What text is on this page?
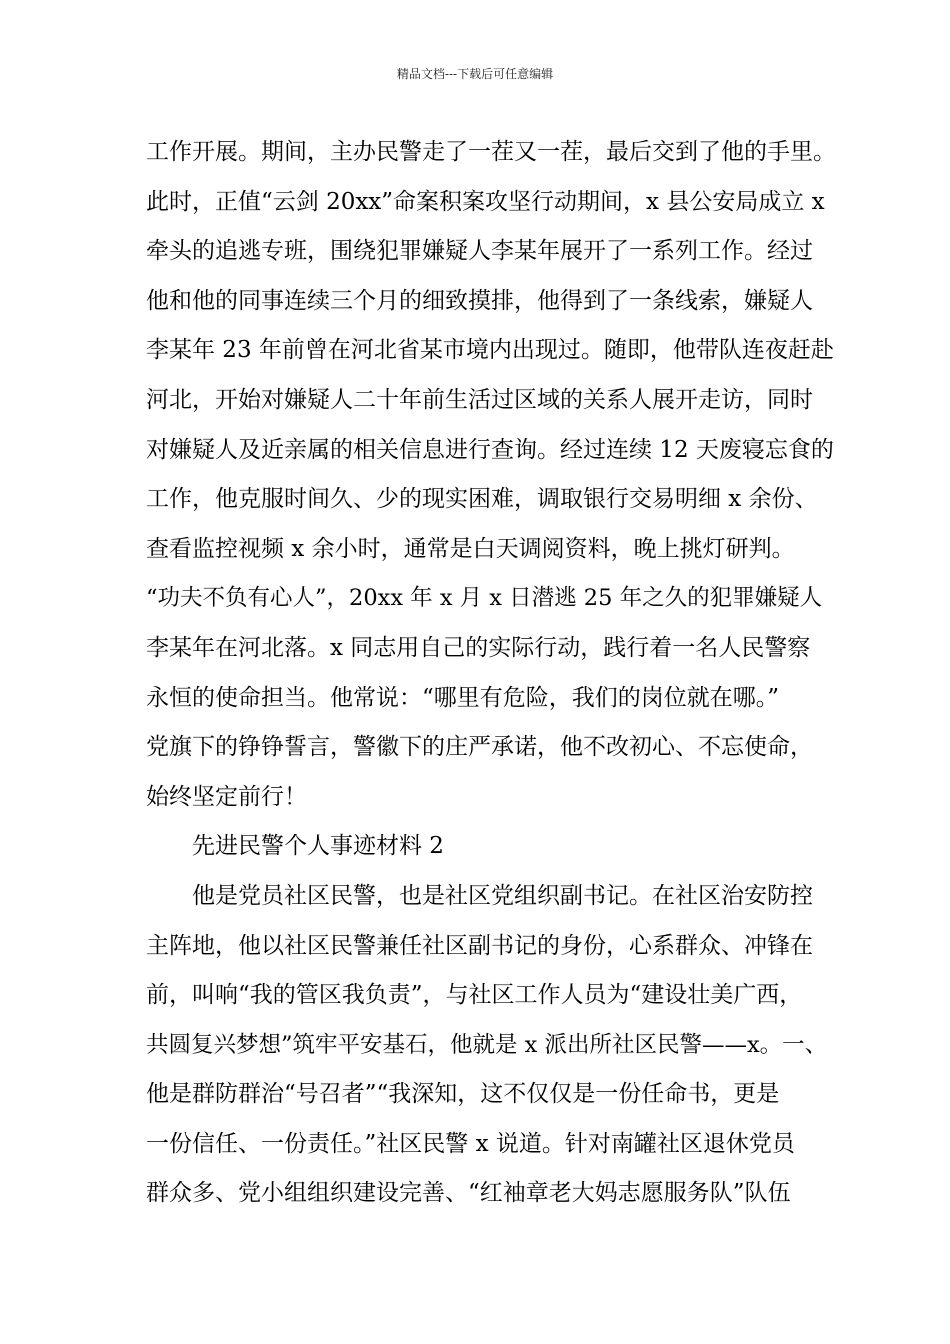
精品文档---下载后可任意编辑
工作开展。期间，主办民警走了一茬又一茬，最后交到了他的手里。
此时，正值“云剑 20xx”命案积案攻坚行动期间，x 县公安局成立 x
牵头的追逃专班，围绕犯罪嫌疑人李某年展开了一系列工作。经过
他和他的同事连续三个月的细致摸排，他得到了一条线索，嫌疑人
李某年 23 年前曾在河北省某市境内出现过。随即，他带队连夜赶赴
河北，开始对嫌疑人二十年前生活过区域的关系人展开走访，同时
对嫌疑人及近亲属的相关信息进行查询。经过连续 12 天废寝忘食的
工作，他克服时间久、少的现实困难，调取银行交易明细 x 余份、
查看监控视频 x 余小时，通常是白天调阅资料，晚上挑灯研判。
“功夫不负有心人”，20xx 年 x 月 x 日潜逃 25 年之久的犯罪嫌疑人
李某年在河北落。x 同志用自己的实际行动，践行着一名人民警察
永恒的使命担当。他常说：“哪里有危险，我们的岗位就在哪。”
党旗下的铮铮誓言，警徽下的庄严承诺，他不改初心、不忘使命，
始终坚定前行！
先进民警个人事迹材料 2
他是党员社区民警，也是社区党组织副书记。在社区治安防控
主阵地，他以社区民警兼任社区副书记的身份，心系群众、冲锋在
前，叫响“我的管区我负责”，与社区工作人员为“建设壮美广西，
共圆复兴梦想”筑牢平安基石，他就是 x 派出所社区民警——x。一、
他是群防群治“号召者”“我深知，这不仅仅是一份任命书，更是
一份信任、一份责任。”社区民警 x 说道。针对南罐社区退休党员
群众多、党小组组织建设完善、“红袖章老大妈志愿服务队”队伍
